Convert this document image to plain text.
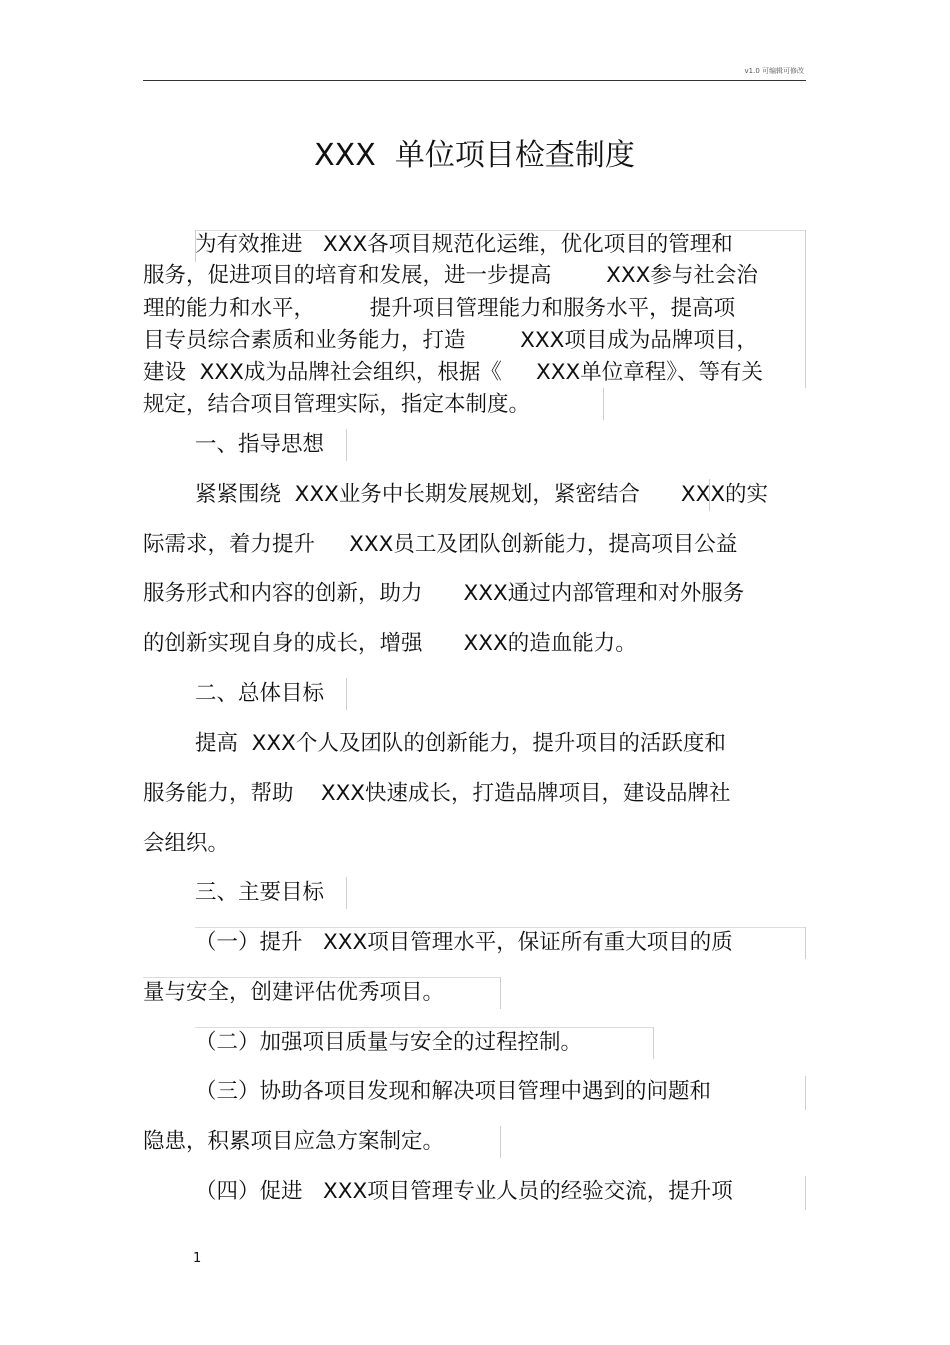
v1.0 可编辑可修改
XXX  单位项目检查制度
为有效推进   XXX各项目规范化运维，优化项目的管理和
服务，促进项目的培育和发展，进一步提高        XXX参与社会治
理的能力和水平，        提升项目管理能力和服务水平，提高项
目专员综合素质和业务能力，打造        XXX项目成为品牌项目，
建设  XXX成为品牌社会组织，根据《     XXX单位章程》、等有关
规定，结合项目管理实际，指定本制度。
一、指导思想
紧紧围绕  XXX业务中长期发展规划，紧密结合      XXX的实
际需求，着力提升     XXX员工及团队创新能力，提高项目公益
服务形式和内容的创新，助力      XXX通过内部管理和对外服务
的创新实现自身的成长，增强      XXX的造血能力。
二、总体目标
提高  XXX个人及团队的创新能力，提升项目的活跃度和
服务能力，帮助    XXX快速成长，打造品牌项目，建设品牌社
会组织。
三、主要目标
（一）提升   XXX项目管理水平，保证所有重大项目的质
量与安全，创建评估优秀项目。
（二）加强项目质量与安全的过程控制。
（三）协助各项目发现和解决项目管理中遇到的问题和
隐患，积累项目应急方案制定。
（四）促进   XXX项目管理专业人员的经验交流，提升项
1
